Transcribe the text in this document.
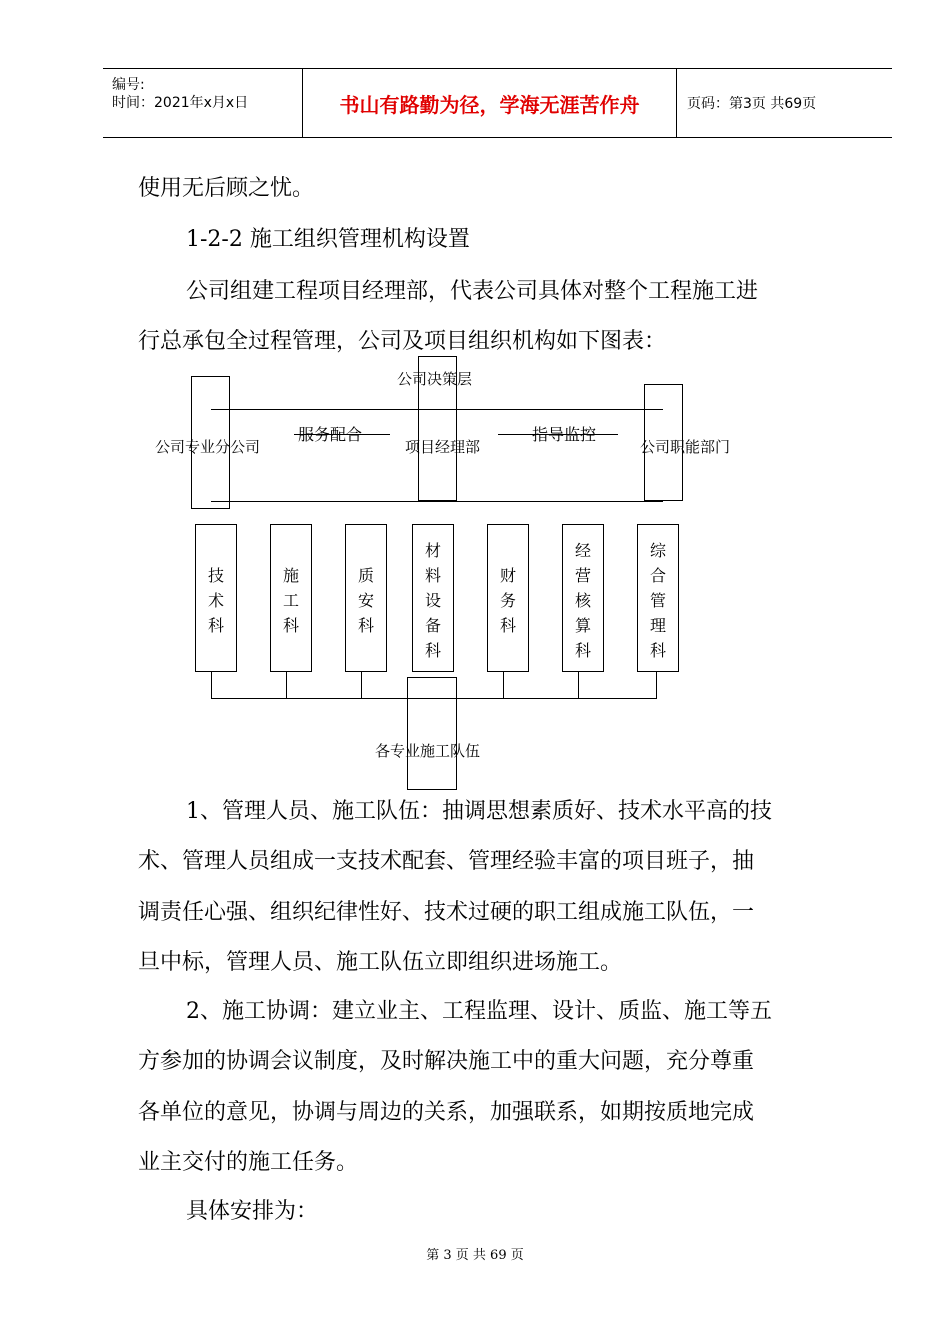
编号:
时间：2021年x月x日	书山有路勤为径，学海无涯苦作舟	页码：第3页 共69页
使用无后顾之忧。
1-2-2 施工组织管理机构设置
公司组建工程项目经理部，代表公司具体对整个工程施工进
行总承包全过程管理，公司及项目组织机构如下图表：
公司决策层
公司专业分公司	项目经理部	公司职能部门
服务配合	指导监控
技术科
施工科
质安科
材料设备科
财务科
经营核算科
综合管理科
各专业施工队伍
1、管理人员、施工队伍：抽调思想素质好、技术水平高的技
术、管理人员组成一支技术配套、管理经验丰富的项目班子，抽
调责任心强、组织纪律性好、技术过硬的职工组成施工队伍，一
旦中标，管理人员、施工队伍立即组织进场施工。
2、施工协调：建立业主、工程监理、设计、质监、施工等五
方参加的协调会议制度，及时解决施工中的重大问题，充分尊重
各单位的意见，协调与周边的关系，加强联系，如期按质地完成
业主交付的施工任务。
具体安排为：
第 3 页 共 69 页
